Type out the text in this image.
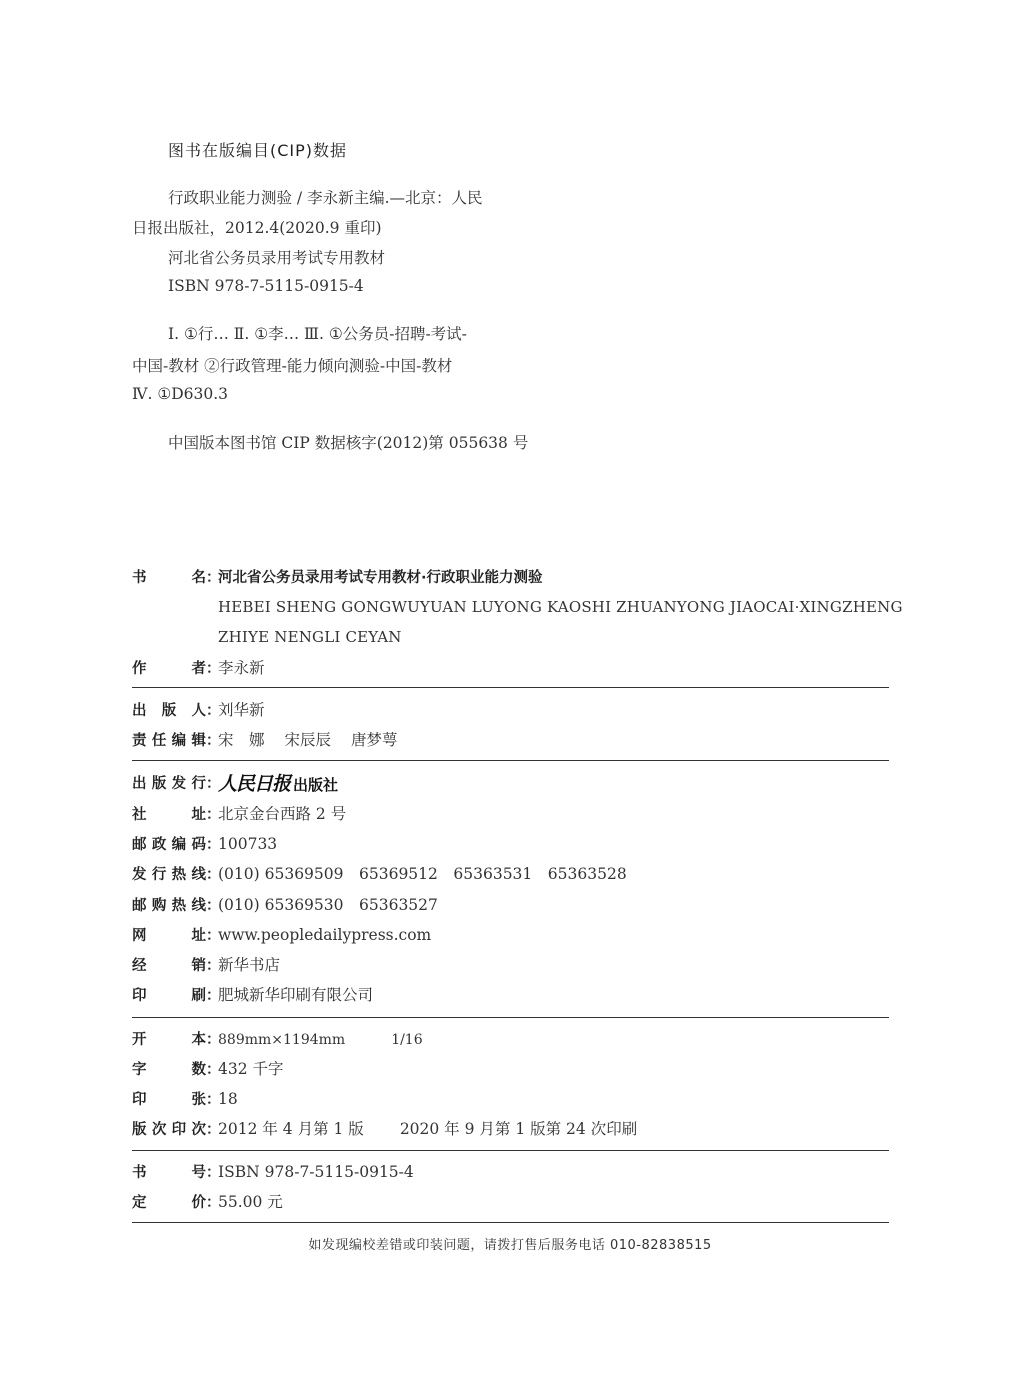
图书在版编目(CIP)数据
行政职业能力测验 / 李永新主编.—北京：人民
日报出版社，2012.4(2020.9 重印)
河北省公务员录用考试专用教材
ISBN 978-7-5115-0915-4
Ⅰ. ①行… Ⅱ. ①李… Ⅲ. ①公务员-招聘-考试-
中国-教材 ②行政管理-能力倾向测验-中国-教材
Ⅳ. ①D630.3
中国版本图书馆 CIP 数据核字(2012)第 055638 号
书　　名：河北省公务员录用考试专用教材·行政职业能力测验
HEBEI SHENG GONGWUYUAN LUYONG KAOSHI ZHUANYONG JIAOCAI·XINGZHENG
ZHIYE NENGLI CEYAN
作　　者：李永新
出 版 人：刘华新
责任编辑：宋　娜 宋辰辰 唐梦萼
出版发行：人民日报 出版社
社　　址：北京金台西路 2 号
邮政编码：100733
发行热线：(010) 65369509　65369512　65363531　65363528
邮购热线：(010) 65369530　65363527
网　　址：www.peopledailypress.com
经　　销：新华书店
印　　刷：肥城新华印刷有限公司
开　　本：889mm×1194mm	1/16
字　　数：432 千字
印　　张：18
版次印次：2012 年 4 月第 1 版 2020 年 9 月第 1 版第 24 次印刷
书　　号：ISBN 978-7-5115-0915-4
定　　价：55.00 元
如发现编校差错或印装问题，请拨打售后服务电话 010-82838515
